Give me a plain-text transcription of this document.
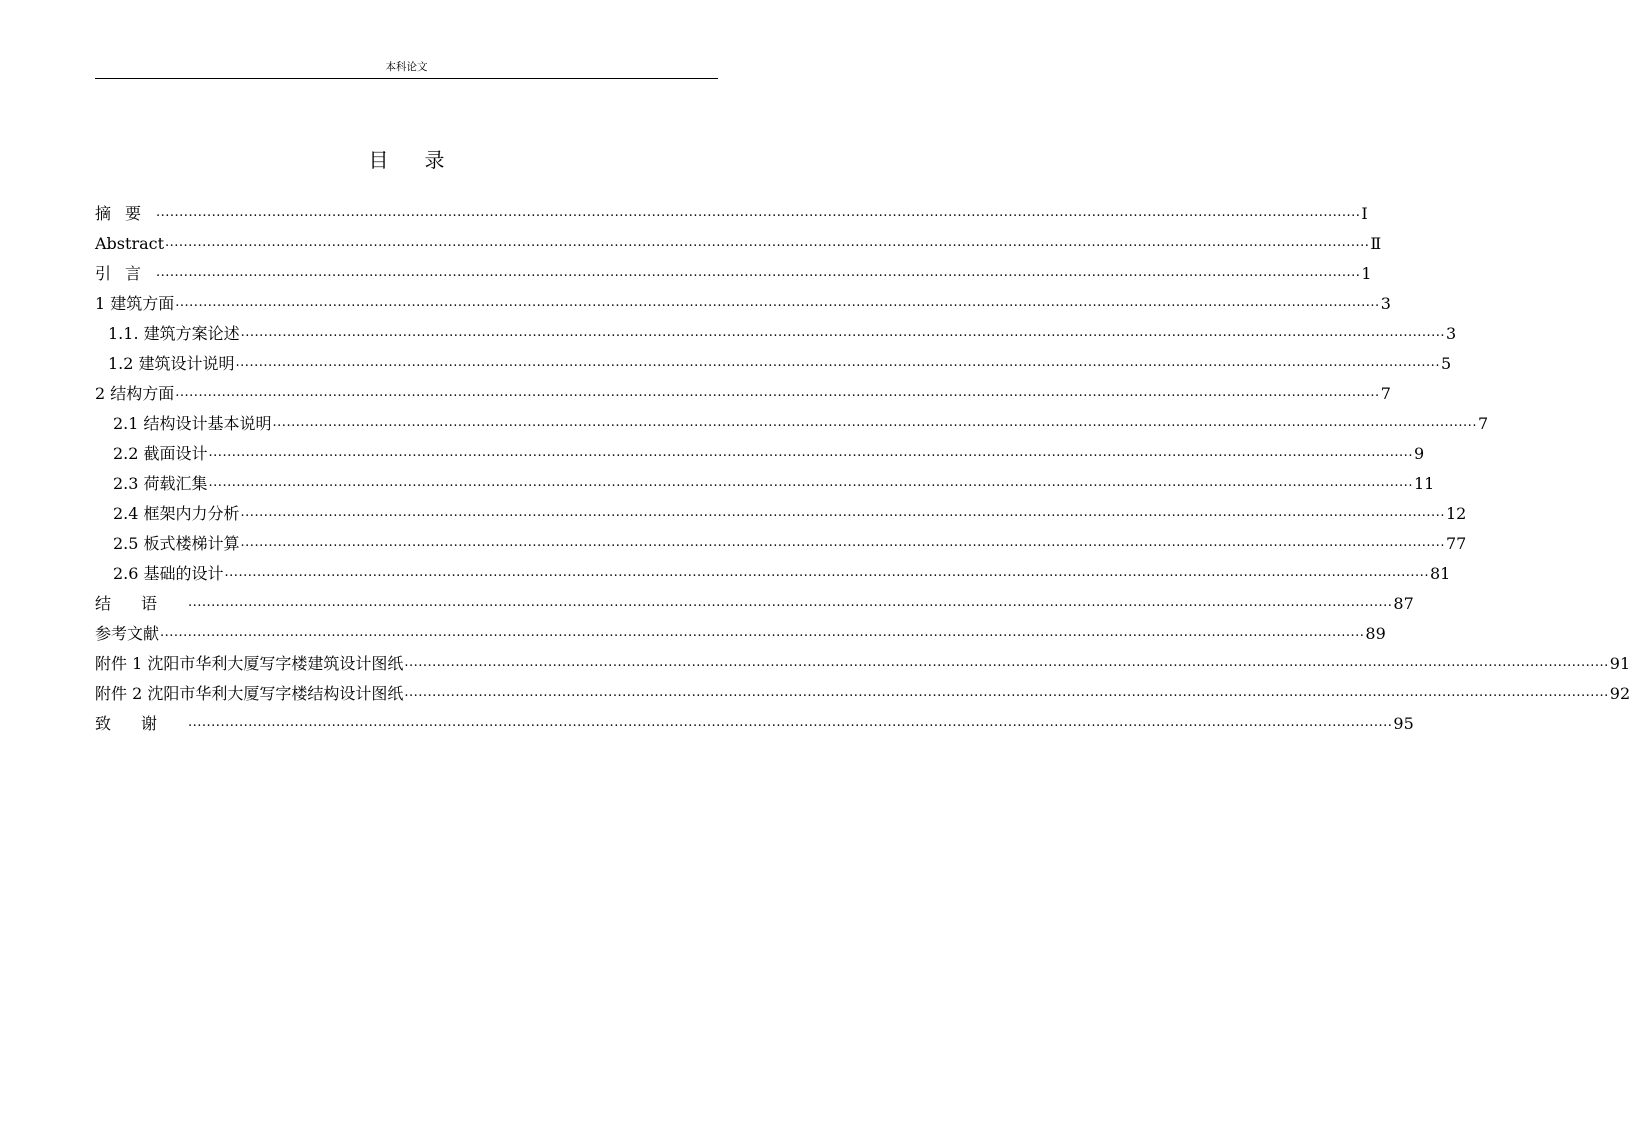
本科论文
目录
摘要 .................................................................................................................................................................................................................................................................... I
Abstract .................................................................................................................................................................................................................................................................... Ⅱ
引言 .................................................................................................................................................................................................................................................................... 1
1 建筑方面 .................................................................................................................................................................................................................................................................... 3
1.1. 建筑方案论述 .................................................................................................................................................................................................................................................................... 3
1.2 建筑设计说明 .................................................................................................................................................................................................................................................................... 5
2 结构方面 .................................................................................................................................................................................................................................................................... 7
2.1 结构设计基本说明 .................................................................................................................................................................................................................................................................... 7
2.2 截面设计 .................................................................................................................................................................................................................................................................... 9
2.3 荷载汇集 .................................................................................................................................................................................................................................................................... 11
2.4 框架内力分析 .................................................................................................................................................................................................................................................................... 12
2.5 板式楼梯计算 .................................................................................................................................................................................................................................................................... 77
2.6 基础的设计 .................................................................................................................................................................................................................................................................... 81
结语 .................................................................................................................................................................................................................................................................... 87
参考文献 .................................................................................................................................................................................................................................................................... 89
附件 1 沈阳市华利大厦写字楼建筑设计图纸 .................................................................................................................................................................................................................................................................... 91
附件 2 沈阳市华利大厦写字楼结构设计图纸 .................................................................................................................................................................................................................................................................... 92
致谢 .................................................................................................................................................................................................................................................................... 95
